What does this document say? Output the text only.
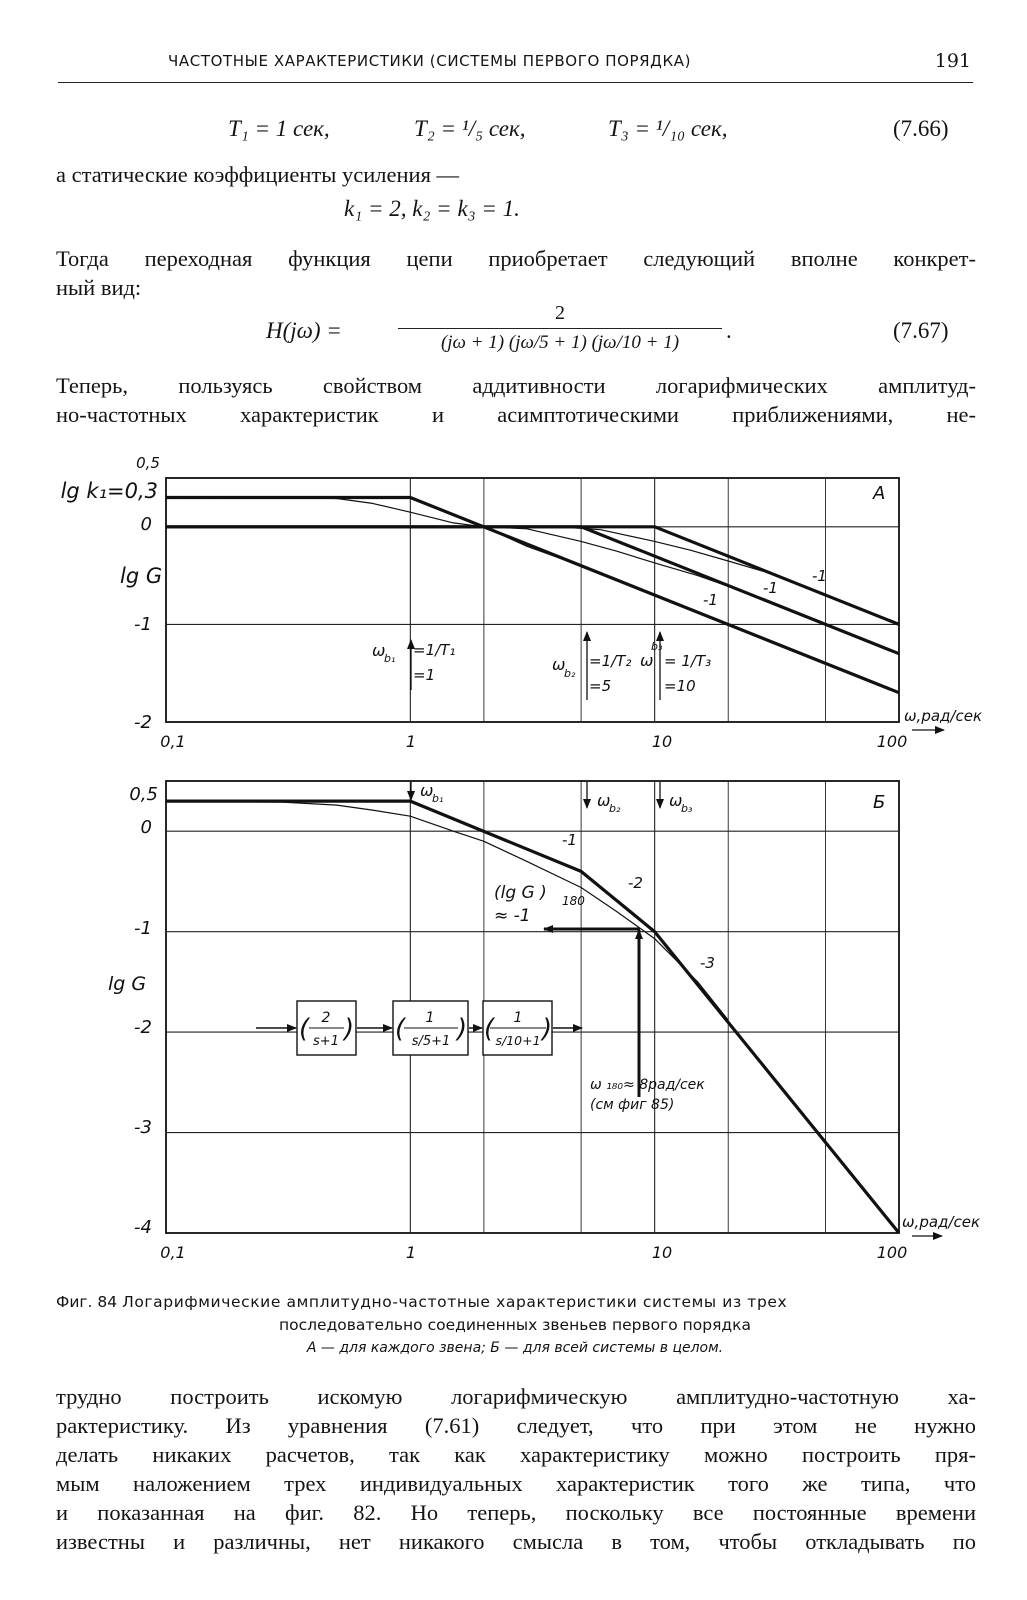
ЧАСТОТНЫЕ ХАРАКТЕРИСТИКИ (СИСТЕМЫ ПЕРВОГО ПОРЯДКА)	191
T₁ = 1 сек,	T₂ = ¹/₅ сек,	T₃ = ¹/₁₀ сек,	(7.66)
а статические коэффициенты усиления —
k₁ = 2, k₂ = k₃ = 1.
Тогда переходная функция цепи приобретает следующий вполне конкрет-
ный вид:
H(jω) =	$\frac{2}{(j\omega + 1) (j\omega/5 + 1) (j\omega/10 + 1)}$ .	(7.67)
Теперь, пользуясь свойством аддитивности логарифмических амплитуд-
но-частотных характеристик и асимптотическими приближениями, не-
0,5
lg k₁=0,3
0
-1
-2
lg G
0,1	1	10	100
ω,рад/сек
А
ω
b₁ =1/T₁
=1
ω
b₂
=1/T₂
=5
ω
b₃
= 1/T₃
=10
-1
-1
-1
0,5
0
-1
-2
-3
-4
lg G
0,1	1	10	100
ω,рад/сек
Б
ω
b₁	ω
b₂	ω
b₃
-1
-2
-3
(lg G ) 180
≈ -1
ω ₁₈₀≈ 8рад/сек
(см фиг 85)
2
s+1
( )	1
s/5+1
( )	1
s/10+1
( )
Фиг. 84 Логарифмические амплитудно-частотные характеристики системы из трех
последовательно соединенных звеньев первого порядка
А — для каждого звена; Б — для всей системы в целом.
трудно построить искомую логарифмическую амплитудно-частотную ха-
рактеристику. Из уравнения (7.61) следует, что при этом не нужно
делать никаких расчетов, так как характеристику можно построить пря-
мым наложением трех индивидуальных характеристик того же типа, что
и показанная на фиг. 82. Но теперь, поскольку все постоянные времени
известны и различны, нет никакого смысла в том, чтобы откладывать по
